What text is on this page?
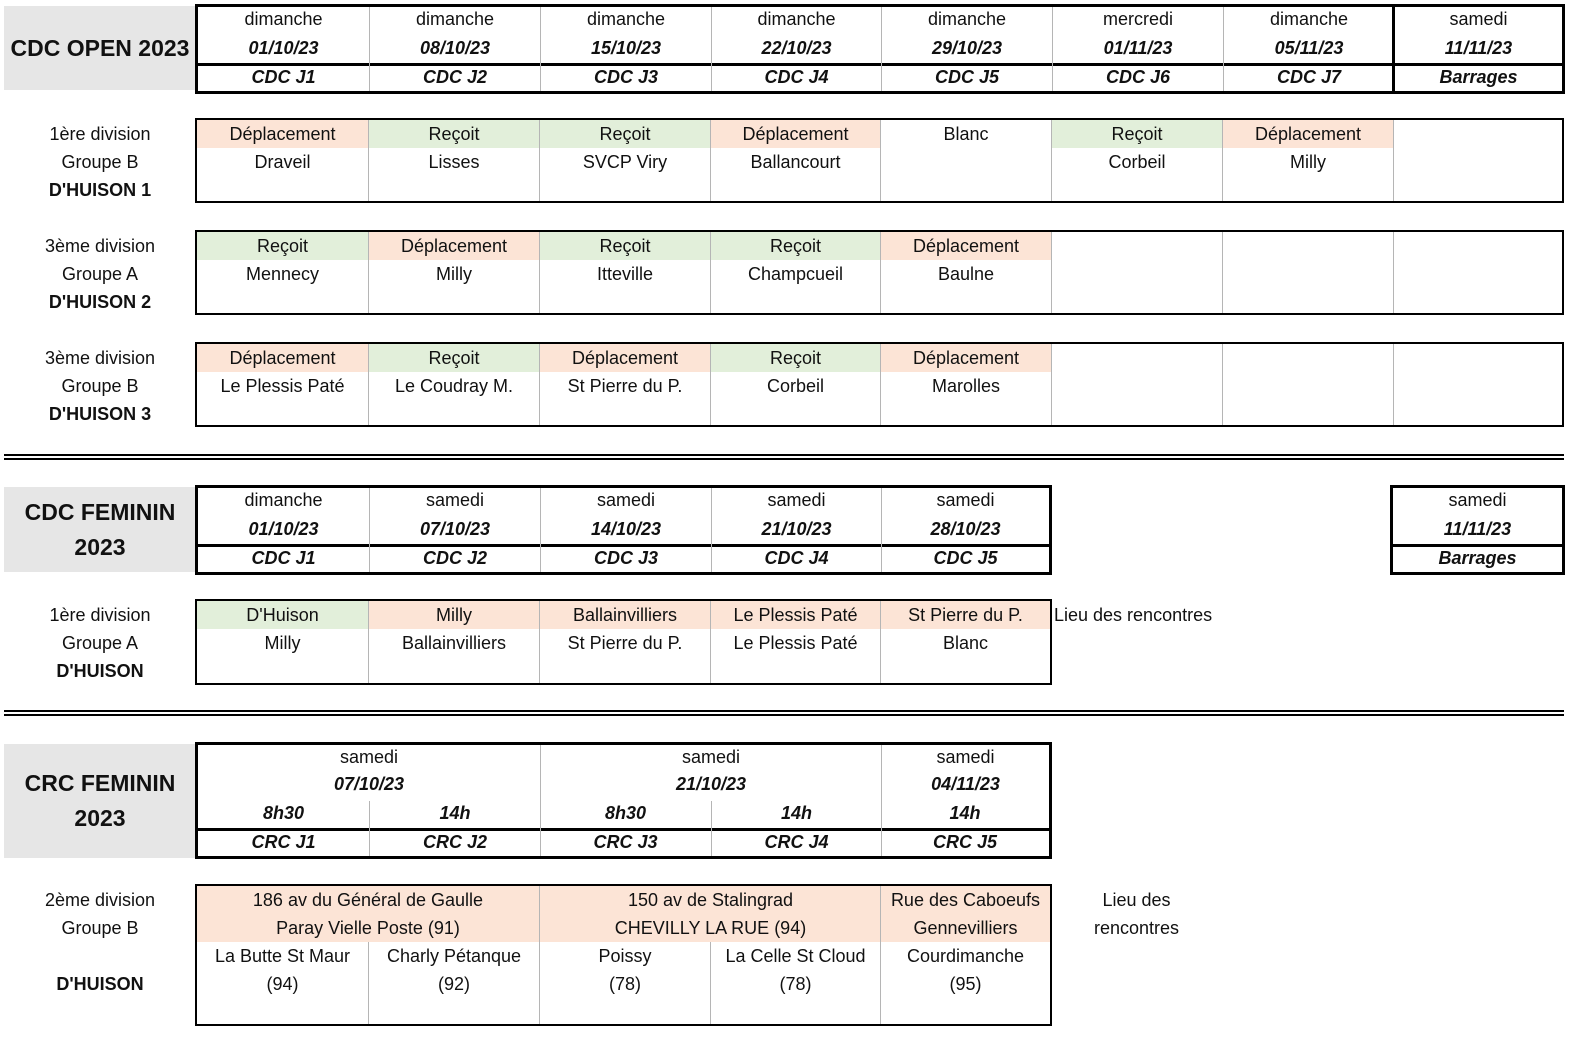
CDC OPEN 2023
dimanche
01/10/23
CDC J1
dimanche
08/10/23
CDC J2
dimanche
15/10/23
CDC J3
dimanche
22/10/23
CDC J4
dimanche
29/10/23
CDC J5
mercredi
01/11/23
CDC J6
dimanche
05/11/23
CDC J7
samedi
11/11/23
Barrages
1ère division
Groupe B
D'HUISON 1
Déplacement
Draveil
Reçoit
Lisses
Reçoit
SVCP Viry
Déplacement
Ballancourt
Blanc	Reçoit
Corbeil
Déplacement
Milly
3ème division
Groupe A
D'HUISON 2
Reçoit
Mennecy
Déplacement
Milly
Reçoit
Itteville
Reçoit
Champcueil
Déplacement
Baulne
3ème division
Groupe B
D'HUISON 3
Déplacement
Le Plessis Paté
Reçoit
Le Coudray M.
Déplacement
St Pierre du P.
Reçoit
Corbeil
Déplacement
Marolles
CDC FEMININ
2023
dimanche
01/10/23
CDC J1
samedi
07/10/23
CDC J2
samedi
14/10/23
CDC J3
samedi
21/10/23
CDC J4
samedi
28/10/23
CDC J5
samedi
11/11/23
Barrages
1ère division
Groupe A
D'HUISON
D'Huison
Milly
Milly
Ballainvilliers
Ballainvilliers
St Pierre du P.
Le Plessis Paté
Le Plessis Paté
St Pierre du P.
Blanc
Lieu des rencontres
CRC FEMININ
2023
samedi
07/10/23
samedi
21/10/23
samedi
04/11/23
8h30
CRC J1
14h
CRC J2
8h30
CRC J3
14h
CRC J4
14h
CRC J5
2ème division
Groupe B
D'HUISON
186 av du Général de Gaulle
Paray Vielle Poste (91)
150 av de Stalingrad
CHEVILLY LA RUE (94)
Rue des Caboeufs
Gennevilliers
La Butte St Maur
(94)
Charly Pétanque
(92)
Poissy
(78)
La Celle St Cloud
(78)
Courdimanche
(95)
Lieu des
rencontres
